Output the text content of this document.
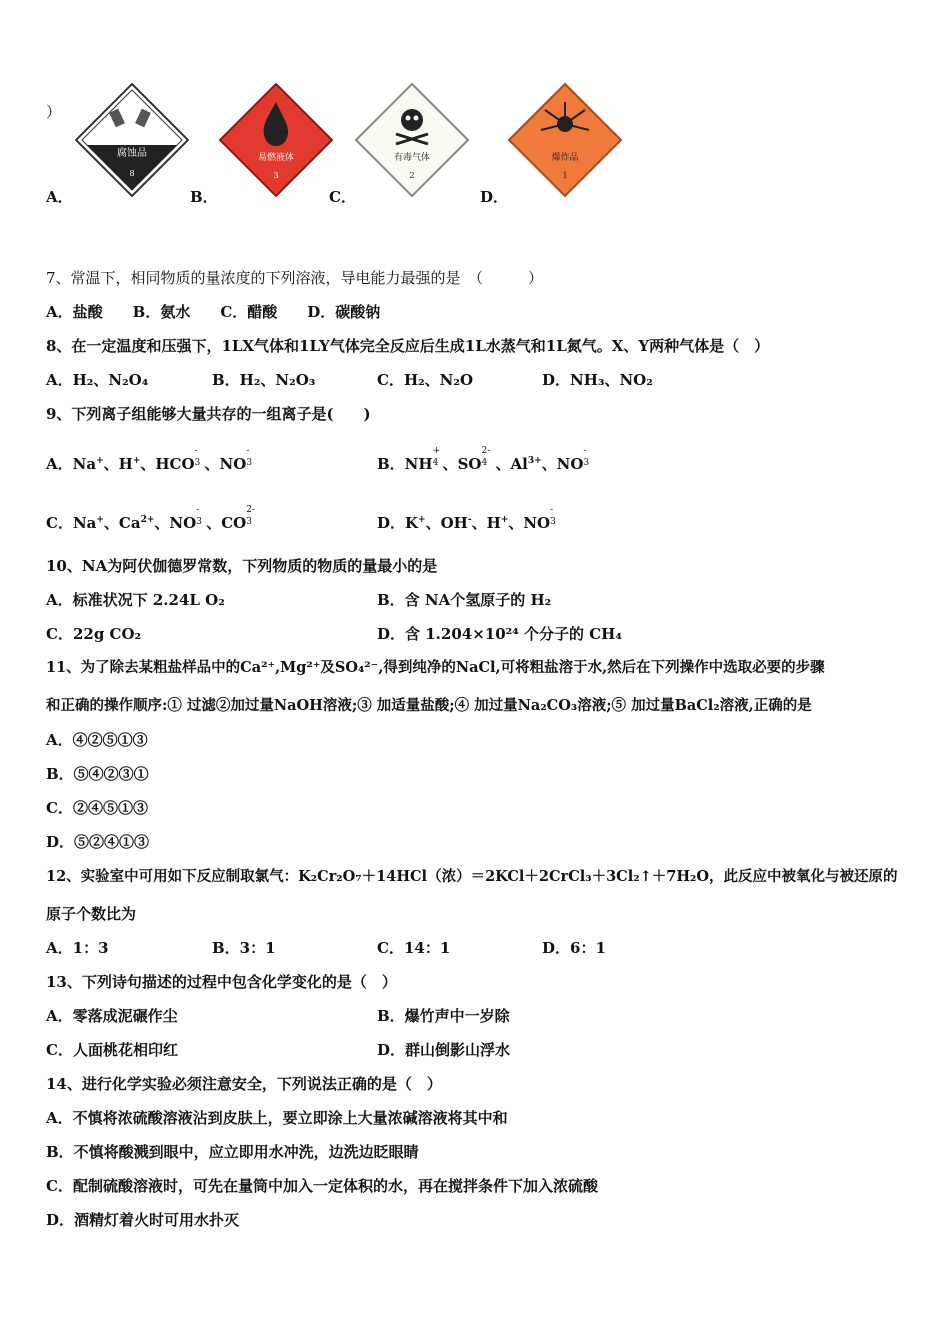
）
A．
腐蚀品
8
B．
易燃液体
3
C．
有毒气体
2
D．
爆炸品
1
7、常温下，相同物质的量浓度的下列溶液，导电能力最强的是　（　　　）
A．盐酸　　B．氨水　　C．醋酸　　D．碳酸钠
8、在一定温度和压强下，1LX气体和1LY气体完全反应后生成1L水蒸气和1L氮气。X、Y两种气体是（　）
A．H₂、N₂O₄	B．H₂、N₂O₃	C．H₂、N₂O	D．NH₃、NO₂
9、下列离子组能够大量共存的一组离子是(　　)
A．Na+、H+、HCO
-
3 、NO
-
3	B．NH
+
4 、SO
2-
4 、$Al^{3+}$、NO
-
3
C．Na+、$Ca^{2+}$、NO
-
3 、CO
2-
3	D．K+、OH-、H+、NO
-
3
10、NA为阿伏伽德罗常数，下列物质的物质的量最小的是
A．标准状况下 2.24L O₂	B．含 NA个氢原子的 H₂
C．22g CO₂	D．含 1.204×10²⁴ 个分子的 CH₄
11、为了除去某粗盐样品中的Ca²⁺,Mg²⁺及SO₄²⁻,得到纯净的NaCl,可将粗盐溶于水,然后在下列操作中选取必要的步骤
和正确的操作顺序:① 过滤②加过量NaOH溶液;③ 加适量盐酸;④ 加过量Na₂CO₃溶液;⑤ 加过量BaCl₂溶液,正确的是
A．④②⑤①③
B．⑤④②③①
C．②④⑤①③
D．⑤②④①③
12、实验室中可用如下反应制取氯气：K₂Cr₂O₇＋14HCl（浓）＝2KCl＋2CrCl₃＋3Cl₂↑＋7H₂O，此反应中被氧化与被还原的
原子个数比为
A．1：3	B．3：1	C．14：1	D．6：1
13、下列诗句描述的过程中包含化学变化的是（　）
A．零落成泥碾作尘	B．爆竹声中一岁除
C．人面桃花相印红	D．群山倒影山浮水
14、进行化学实验必须注意安全，下列说法正确的是（　）
A．不慎将浓硫酸溶液沾到皮肤上，要立即涂上大量浓碱溶液将其中和
B．不慎将酸溅到眼中，应立即用水冲洗，边洗边眨眼睛
C．配制硫酸溶液时，可先在量筒中加入一定体积的水，再在搅拌条件下加入浓硫酸
D．酒精灯着火时可用水扑灭
